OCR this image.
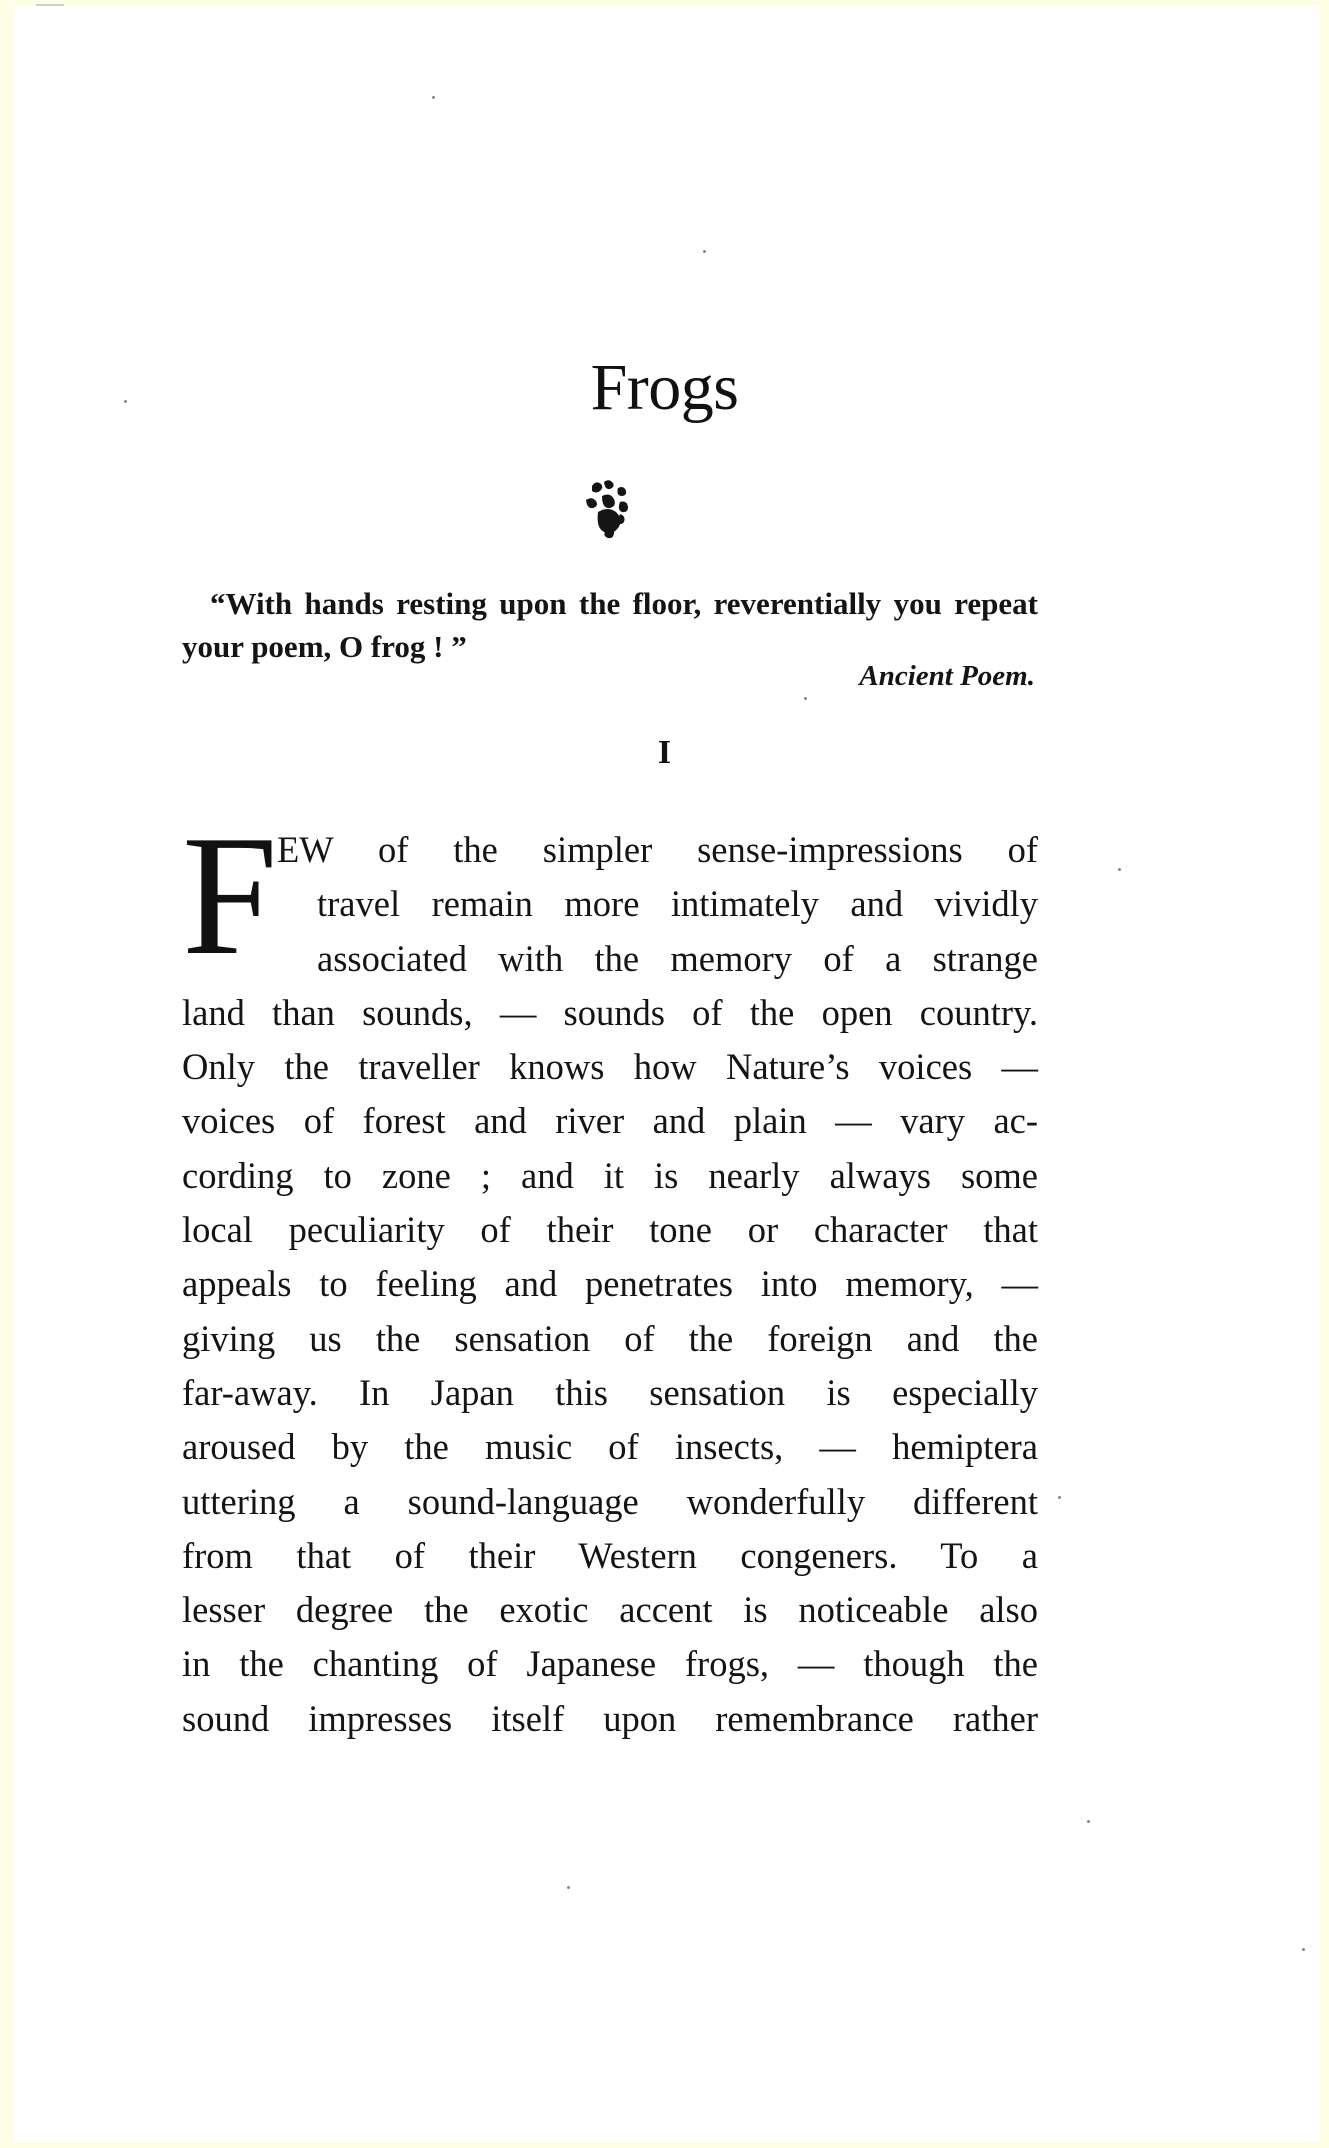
Frogs

“With hands resting upon the floor, reverentially you repeat your poem, O frog ! ”

Ancient Poem.

I

F EW of the simpler sense-impressions of
travel remain more intimately and vividly
associated with the memory of a strange
land than sounds, — sounds of the open country.
Only the traveller knows how Nature’s voices —
voices of forest and river and plain — vary ac-
cording to zone ; and it is nearly always some
local peculiarity of their tone or character that
appeals to feeling and penetrates into memory, —
giving us the sensation of the foreign and the
far-away. In Japan this sensation is especially
aroused by the music of insects, — hemiptera
uttering a sound-language wonderfully different
from that of their Western congeners. To a
lesser degree the exotic accent is noticeable also
in the chanting of Japanese frogs, — though the
sound impresses itself upon remembrance rather
